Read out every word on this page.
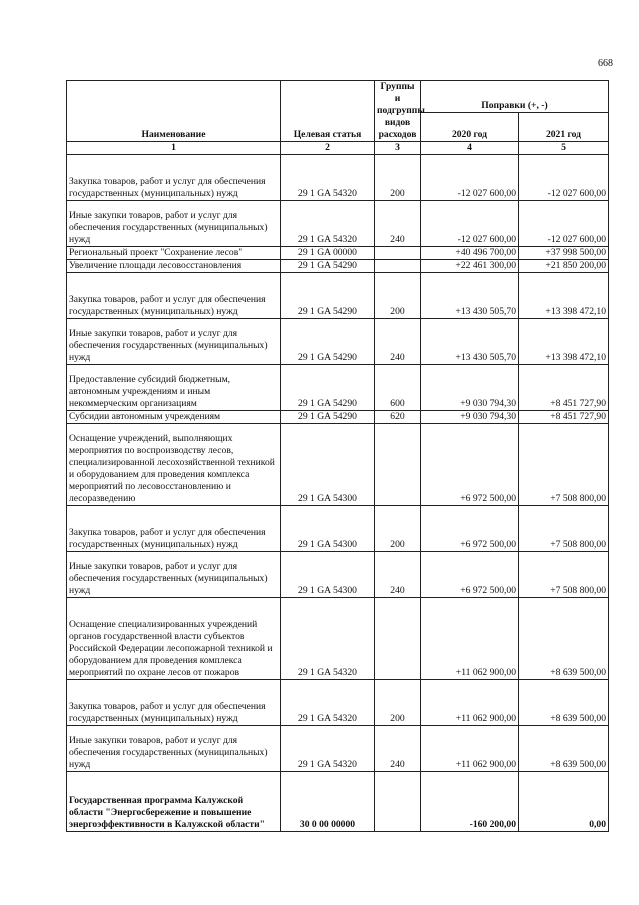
668
Наименование	Целевая статья	Группы и подгруппы видов расходов	Поправки (+, -)	
			2020 год	2021 год
1	2	3	4	5
Закупка товаров, работ и услуг для обеспечения государственных (муниципальных) нужд	29 1 GA 54320	200	-12 027 600,00	-12 027 600,00
Иные закупки товаров, работ и услуг для обеспечения государственных (муниципальных) нужд	29 1 GA 54320	240	-12 027 600,00	-12 027 600,00
Региональный проект "Сохранение лесов"	29 1 GA 00000		+40 496 700,00	+37 998 500,00
Увеличение площади лесовосстановления	29 1 GA 54290		+22 461 300,00	+21 850 200,00
Закупка товаров, работ и услуг для обеспечения государственных (муниципальных) нужд	29 1 GA 54290	200	+13 430 505,70	+13 398 472,10
Иные закупки товаров, работ и услуг для обеспечения государственных (муниципальных) нужд	29 1 GA 54290	240	+13 430 505,70	+13 398 472,10
Предоставление субсидий бюджетным, автономным учреждениям и иным некоммерческим организациям	29 1 GA 54290	600	+9 030 794,30	+8 451 727,90
Субсидии автономным учреждениям	29 1 GA 54290	620	+9 030 794,30	+8 451 727,90
Оснащение учреждений, выполняющих мероприятия по воспроизводству лесов, специализированной лесохозяйственной техникой и оборудованием для проведения комплекса мероприятий по лесовосстановлению и лесоразведению	29 1 GA 54300		+6 972 500,00	+7 508 800,00
Закупка товаров, работ и услуг для обеспечения государственных (муниципальных) нужд	29 1 GA 54300	200	+6 972 500,00	+7 508 800,00
Иные закупки товаров, работ и услуг для обеспечения государственных (муниципальных) нужд	29 1 GA 54300	240	+6 972 500,00	+7 508 800,00
Оснащение специализированных учреждений органов государственной власти субъектов Российской Федерации лесопожарной техникой и оборудованием для проведения комплекса мероприятий по охране лесов от пожаров	29 1 GA 54320		+11 062 900,00	+8 639 500,00
Закупка товаров, работ и услуг для обеспечения государственных (муниципальных) нужд	29 1 GA 54320	200	+11 062 900,00	+8 639 500,00
Иные закупки товаров, работ и услуг для обеспечения государственных (муниципальных) нужд	29 1 GA 54320	240	+11 062 900,00	+8 639 500,00
Государственная программа Калужской области "Энергосбережение и повышение энергоэффективности в Калужской области"	30 0 00 00000		-160 200,00	0,00
